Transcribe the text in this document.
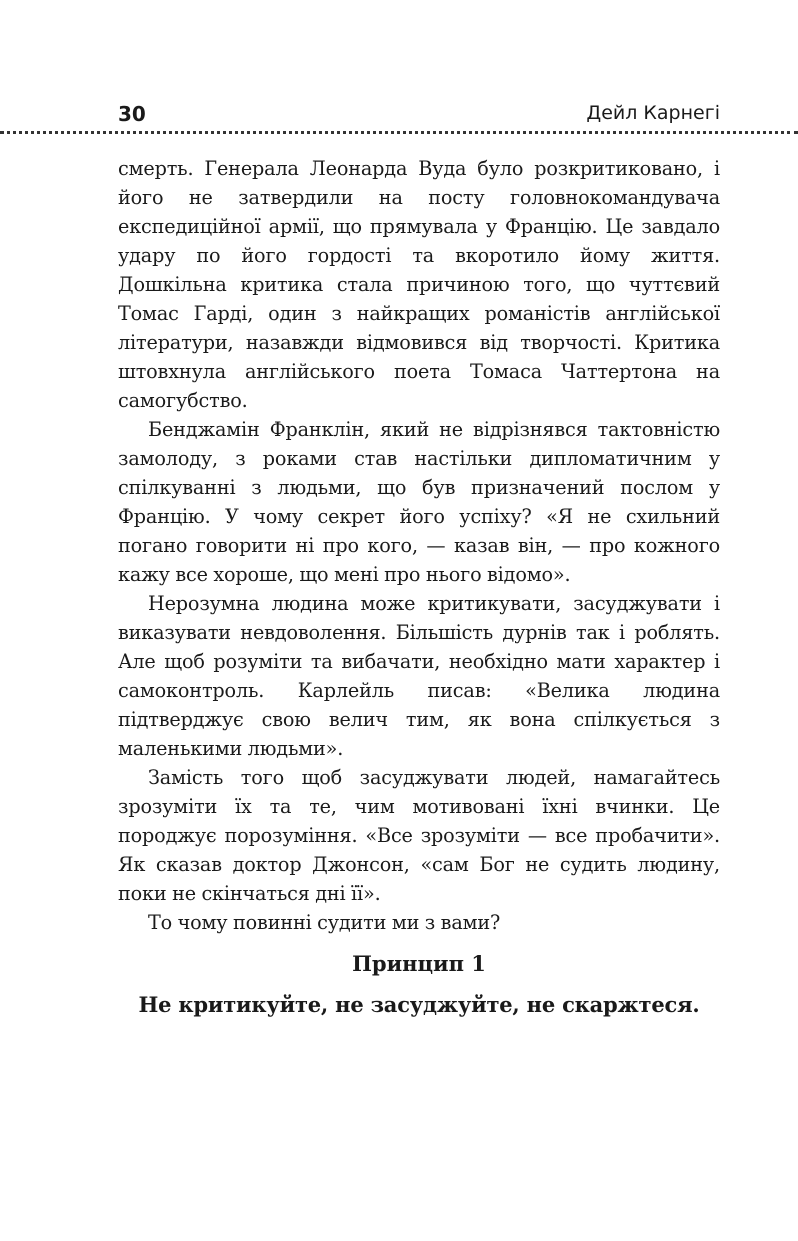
30	Дейл Карнегі

смерть. Генерала Леонарда Вуда було розкритиковано, і його не затвердили на посту головнокомандувача експедиційної армії, що прямувала у Францію. Це завдало удару по його гордості та вкоротило йому життя. Дошкільна критика стала причиною того, що чуттєвий Томас Гарді, один з найкращих романістів англійської літератури, назавжди відмовився від творчості. Критика штовхнула англійського поета Томаса Чаттертона на самогубство.

Бенджамін Франклін, який не відрізнявся тактовністю замолоду, з роками став настільки дипломатичним у спілкуванні з людьми, що був призначений послом у Францію. У чому секрет його успіху? «Я не схильний погано говорити ні про кого, — казав він, — про кожного кажу все хороше, що мені про нього відомо».

Нерозумна людина може критикувати, засуджувати і виказувати невдоволення. Більшість дурнів так і роблять. Але щоб розуміти та вибачати, необхідно мати характер і самоконтроль. Карлейль писав: «Велика людина підтверджує свою велич тим, як вона спілкується з маленькими людьми».

Замість того щоб засуджувати людей, намагайтесь зрозуміти їх та те, чим мотивовані їхні вчинки. Це породжує порозуміння. «Все зрозуміти — все пробачити». Як сказав доктор Джонсон, «сам Бог не судить людину, поки не скінчаться дні її».

То чому повинні судити ми з вами?

Принцип 1
Не критикуйте, не засуджуйте, не скаржтеся.
